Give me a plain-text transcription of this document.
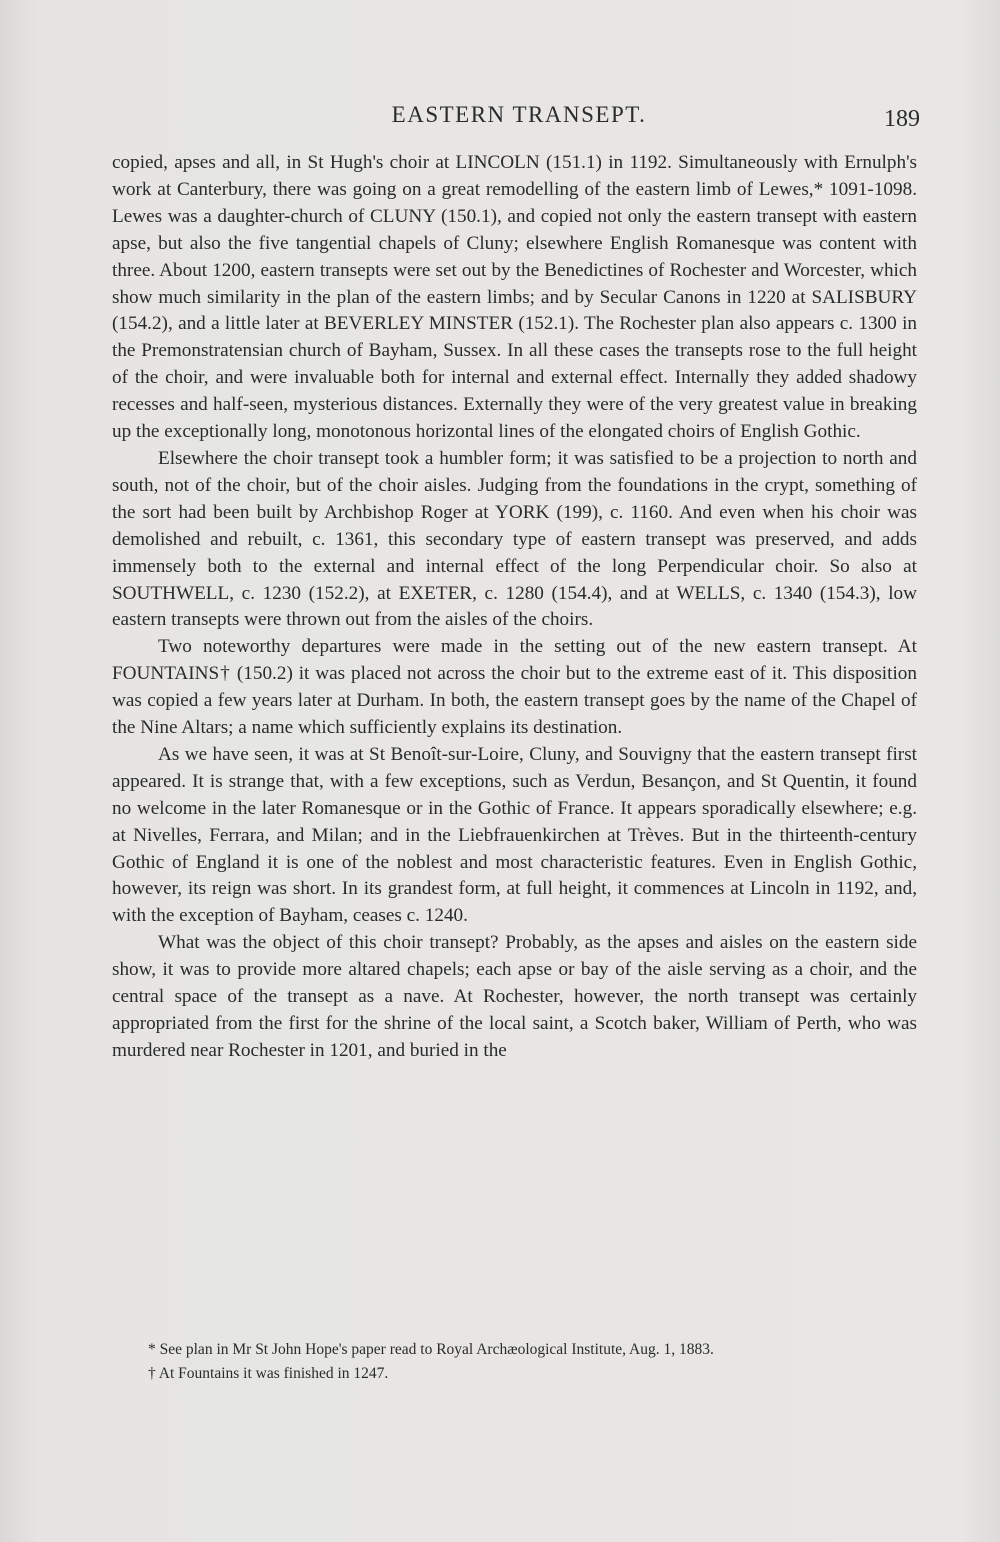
EASTERN TRANSEPT.	189

copied, apses and all, in St Hugh's choir at LINCOLN (151.1) in 1192. Simultaneously with Ernulph's work at Canterbury, there was going on a great remodelling of the eastern limb of Lewes,* 1091-1098. Lewes was a daughter-church of CLUNY (150.1), and copied not only the eastern transept with eastern apse, but also the five tangential chapels of Cluny; elsewhere English Romanesque was content with three. About 1200, eastern transepts were set out by the Benedictines of Rochester and Worcester, which show much similarity in the plan of the eastern limbs; and by Secular Canons in 1220 at SALISBURY (154.2), and a little later at BEVERLEY MINSTER (152.1). The Rochester plan also appears c. 1300 in the Premonstratensian church of Bayham, Sussex. In all these cases the transepts rose to the full height of the choir, and were invaluable both for internal and external effect. Internally they added shadowy recesses and half-seen, mysterious distances. Externally they were of the very greatest value in breaking up the exceptionally long, monotonous horizontal lines of the elongated choirs of English Gothic.

Elsewhere the choir transept took a humbler form; it was satisfied to be a projection to north and south, not of the choir, but of the choir aisles. Judging from the foundations in the crypt, something of the sort had been built by Archbishop Roger at YORK (199), c. 1160. And even when his choir was demolished and rebuilt, c. 1361, this secondary type of eastern transept was preserved, and adds immensely both to the external and internal effect of the long Perpendicular choir. So also at SOUTHWELL, c. 1230 (152.2), at EXETER, c. 1280 (154.4), and at WELLS, c. 1340 (154.3), low eastern transepts were thrown out from the aisles of the choirs.

Two noteworthy departures were made in the setting out of the new eastern transept. At FOUNTAINS† (150.2) it was placed not across the choir but to the extreme east of it. This disposition was copied a few years later at Durham. In both, the eastern transept goes by the name of the Chapel of the Nine Altars; a name which sufficiently explains its destination.

As we have seen, it was at St Benoît-sur-Loire, Cluny, and Souvigny that the eastern transept first appeared. It is strange that, with a few exceptions, such as Verdun, Besançon, and St Quentin, it found no welcome in the later Romanesque or in the Gothic of France. It appears sporadically elsewhere; e.g. at Nivelles, Ferrara, and Milan; and in the Liebfrauenkirchen at Trèves. But in the thirteenth-century Gothic of England it is one of the noblest and most characteristic features. Even in English Gothic, however, its reign was short. In its grandest form, at full height, it commences at Lincoln in 1192, and, with the exception of Bayham, ceases c. 1240.

What was the object of this choir transept? Probably, as the apses and aisles on the eastern side show, it was to provide more altared chapels; each apse or bay of the aisle serving as a choir, and the central space of the transept as a nave. At Rochester, however, the north transept was certainly appropriated from the first for the shrine of the local saint, a Scotch baker, William of Perth, who was murdered near Rochester in 1201, and buried in the

* See plan in Mr St John Hope's paper read to Royal Archæological Institute, Aug. 1, 1883.

† At Fountains it was finished in 1247.
